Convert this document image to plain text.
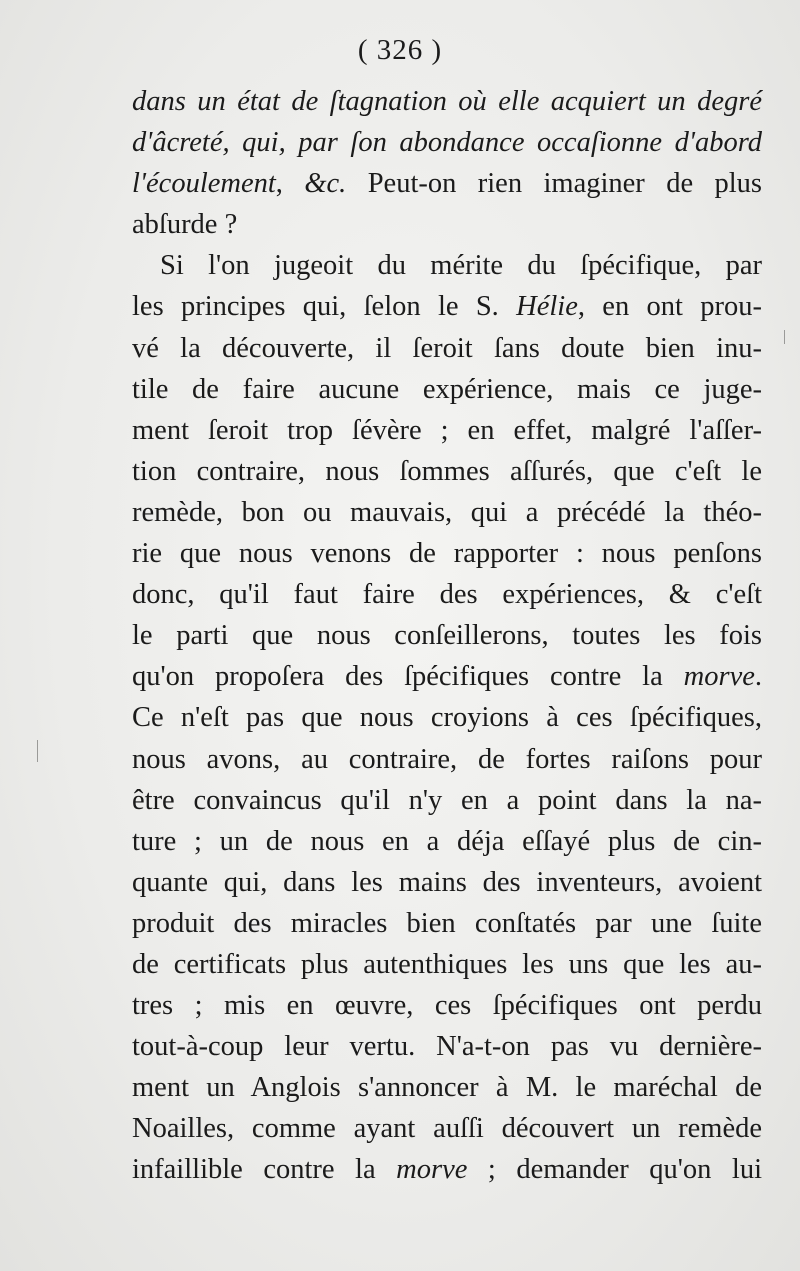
( 326 )
dans un état de ſtagnation où elle acquiert un degré
d'âcreté, qui, par ſon abondance occaſionne d'abord
l'écoulement, &c. Peut-on rien imaginer de plus
abſurde ?
Si l'on jugeoit du mérite du ſpécifique, par
les principes qui, ſelon le S. Hélie, en ont prou-
vé la découverte, il ſeroit ſans doute bien inu-
tile de faire aucune expérience, mais ce juge-
ment ſeroit trop ſévère ; en effet, malgré l'aſſer-
tion contraire, nous ſommes aſſurés, que c'eſt le
remède, bon ou mauvais, qui a précédé la théo-
rie que nous venons de rapporter : nous penſons
donc, qu'il faut faire des expériences, & c'eſt
le parti que nous conſeillerons, toutes les fois
qu'on propoſera des ſpécifiques contre la morve.
Ce n'eſt pas que nous croyions à ces ſpécifiques,
nous avons, au contraire, de fortes raiſons pour
être convaincus qu'il n'y en a point dans la na-
ture ; un de nous en a déja eſſayé plus de cin-
quante qui, dans les mains des inventeurs, avoient
produit des miracles bien conſtatés par une ſuite
de certificats plus autenthiques les uns que les au-
tres ; mis en œuvre, ces ſpécifiques ont perdu
tout-à-coup leur vertu. N'a-t-on pas vu dernière-
ment un Anglois s'annoncer à M. le maréchal de
Noailles, comme ayant auſſi découvert un remède
infaillible contre la morve ; demander qu'on lui
